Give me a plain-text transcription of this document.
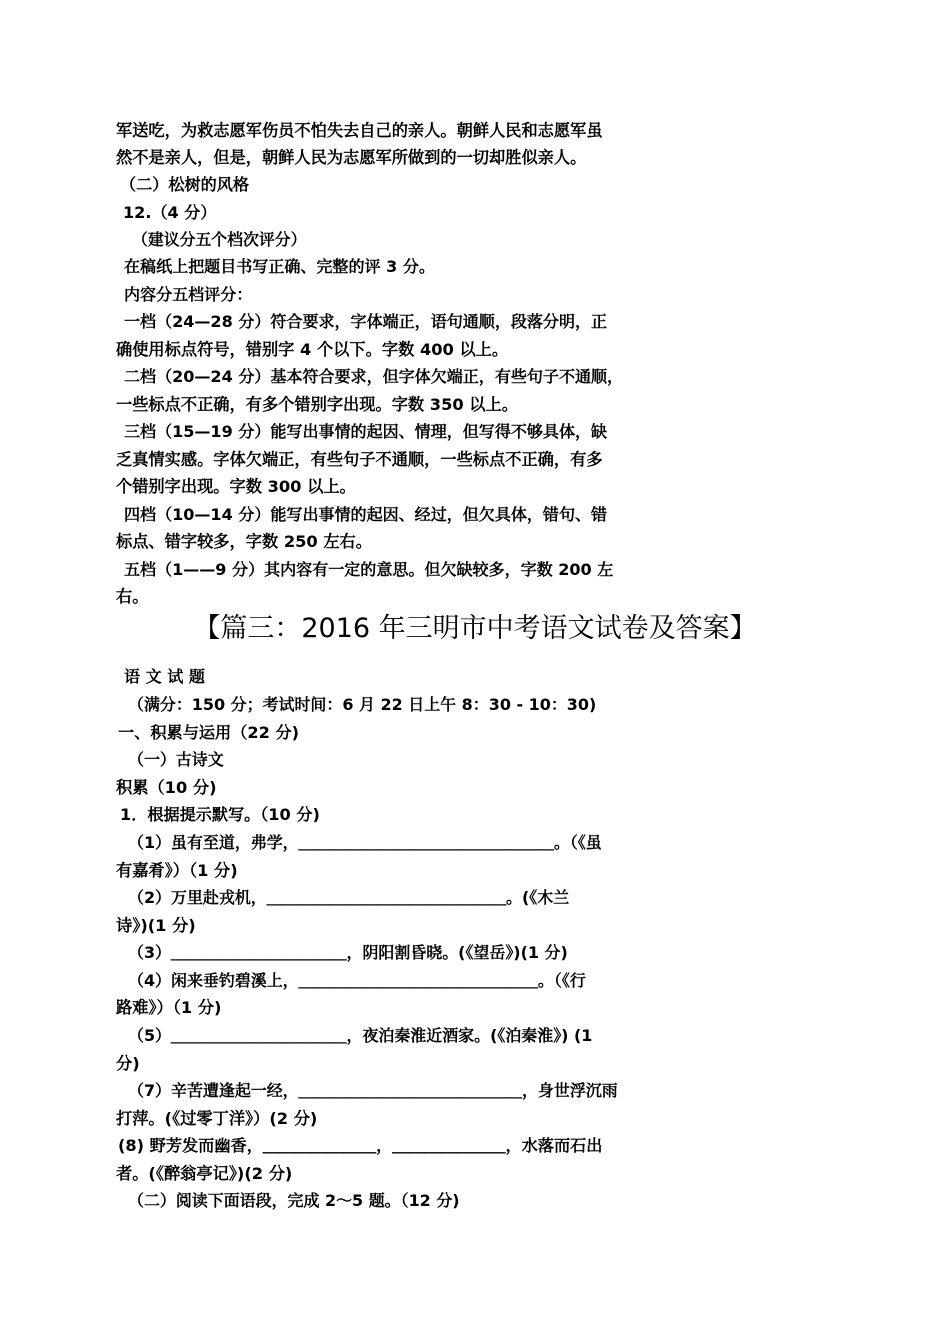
军送吃，为救志愿军伤员不怕失去自己的亲人。朝鲜人民和志愿军虽
然不是亲人，但是，朝鲜人民为志愿军所做到的一切却胜似亲人。
（二）松树的风格
12.（4 分）
（建议分五个档次评分）
在稿纸上把题目书写正确、完整的评 3 分。
内容分五档评分：
一档（24—28 分）符合要求，字体端正，语句通顺，段落分明，正
确使用标点符号，错别字 4 个以下。字数 400 以上。
二档（20—24 分）基本符合要求，但字体欠端正，有些句子不通顺，
一些标点不正确，有多个错别字出现。字数 350 以上。
三档（15—19 分）能写出事情的起因、情理，但写得不够具体，缺
乏真情实感。字体欠端正，有些句子不通顺，一些标点不正确，有多
个错别字出现。字数 300 以上。
四档（10—14 分）能写出事情的起因、经过，但欠具体，错句、错
标点、错字较多，字数 250 左右。
五档（1——9 分）其内容有一定的意思。但欠缺较多，字数 200 左
右。
【篇三：2016 年三明市中考语文试卷及答案】
语 文 试 题
（满分：150 分；考试时间：6 月 22 日上午 8：30 - 10：30)
一、积累与运用（22 分)
（一）古诗文
积累（10 分)
1．根据提示默写。（10 分)
（1）虽有至道，弗学，＿＿＿＿＿＿＿＿＿＿＿＿＿＿＿＿。（《虽
有嘉肴》）（1 分)
（2）万里赴戎机，＿＿＿＿＿＿＿＿＿＿＿＿＿＿＿。(《木兰
诗》)(1 分)
（3）＿＿＿＿＿＿＿＿＿＿＿，阴阳割昏晓。(《望岳》)(1 分)
（4）闲来垂钓碧溪上，＿＿＿＿＿＿＿＿＿＿＿＿＿＿＿。（《行
路难》）（1 分)
（5）＿＿＿＿＿＿＿＿＿＿＿，夜泊秦淮近酒家。(《泊秦淮》) (1
分)
（7）辛苦遭逢起一经，＿＿＿＿＿＿＿＿＿＿＿＿＿＿，身世浮沉雨
打萍。(《过零丁洋》）(2 分)
(8) 野芳发而幽香，＿＿＿＿＿＿＿，＿＿＿＿＿＿＿，水落而石出
者。(《醉翁亭记》)(2 分)
（二）阅读下面语段，完成 2～5 题。（12 分)
